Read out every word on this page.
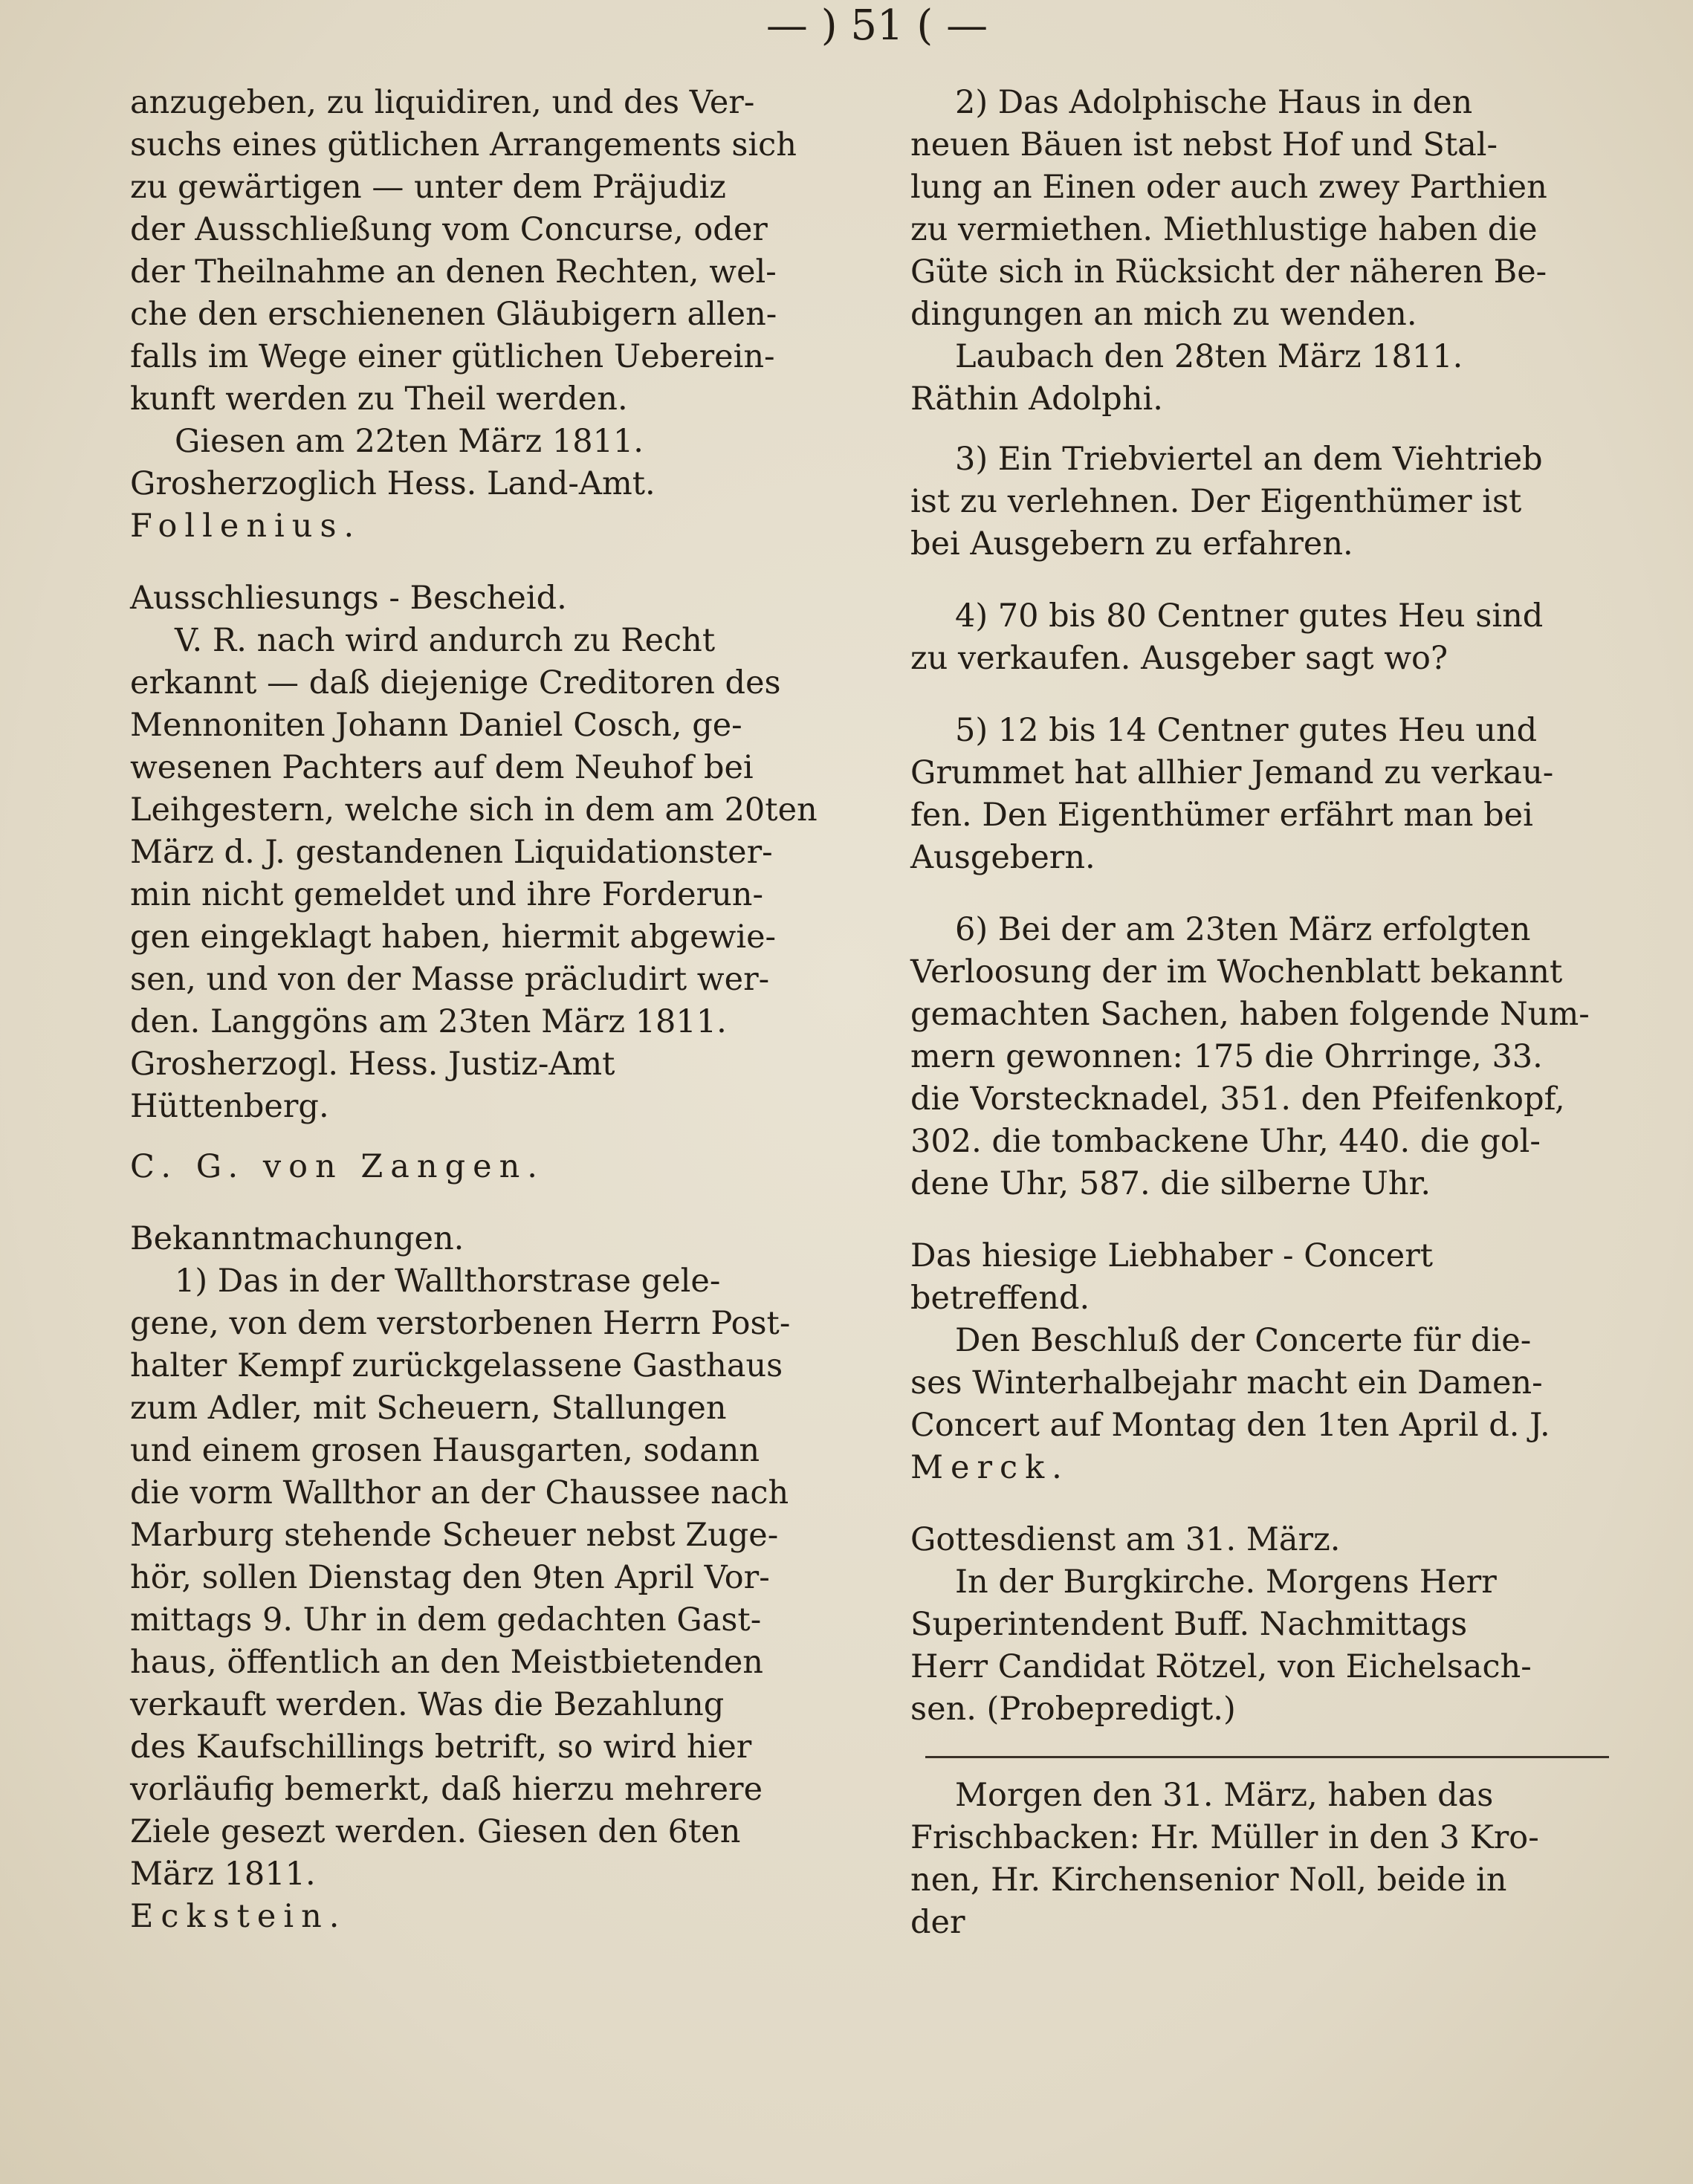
— ) 51 ( —

anzugeben, zu liquidiren, und des Ver-
suchs eines gütlichen Arrangements sich
zu gewärtigen — unter dem Präjudiz
der Ausschließung vom Concurse, oder
der Theilnahme an denen Rechten, wel-
che den erschienenen Gläubigern allen-
falls im Wege einer gütlichen Ueberein-
kunft werden zu Theil werden.
Giesen am 22ten März 1811.

Grosherzoglich Hess. Land-Amt.

Follenius.

Ausschliesungs - Bescheid.

V. R. nach wird andurch zu Recht
erkannt — daß diejenige Creditoren des
Mennoniten Johann Daniel Cosch, ge-
wesenen Pachters auf dem Neuhof bei
Leihgestern, welche sich in dem am 20ten
März d. J. gestandenen Liquidationster-
min nicht gemeldet und ihre Forderun-
gen eingeklagt haben, hiermit abgewie-
sen, und von der Masse präcludirt wer-
den. Langgöns am 23ten März 1811.

Grosherzogl. Hess. Justiz-Amt

Hüttenberg.

C. G. von Zangen.

Bekanntmachungen.

1) Das in der Wallthorstrase gele-
gene, von dem verstorbenen Herrn Post-
halter Kempf zurückgelassene Gasthaus
zum Adler, mit Scheuern, Stallungen
und einem grosen Hausgarten, sodann
die vorm Wallthor an der Chaussee nach
Marburg stehende Scheuer nebst Zuge-
hör, sollen Dienstag den 9ten April Vor-
mittags 9. Uhr in dem gedachten Gast-
haus, öffentlich an den Meistbietenden
verkauft werden. Was die Bezahlung
des Kaufschillings betrift, so wird hier
vorläufig bemerkt, daß hierzu mehrere
Ziele gesezt werden. Giesen den 6ten
März 1811.

Eckstein.

2) Das Adolphische Haus in den
neuen Bäuen ist nebst Hof und Stal-
lung an Einen oder auch zwey Parthien
zu vermiethen. Miethlustige haben die
Güte sich in Rücksicht der näheren Be-
dingungen an mich zu wenden.
Laubach den 28ten März 1811.

Räthin Adolphi.

3) Ein Triebviertel an dem Viehtrieb
ist zu verlehnen. Der Eigenthümer ist
bei Ausgebern zu erfahren.

4) 70 bis 80 Centner gutes Heu sind
zu verkaufen. Ausgeber sagt wo?

5) 12 bis 14 Centner gutes Heu und
Grummet hat allhier Jemand zu verkau-
fen. Den Eigenthümer erfährt man bei
Ausgebern.

6) Bei der am 23ten März erfolgten
Verloosung der im Wochenblatt bekannt
gemachten Sachen, haben folgende Num-
mern gewonnen: 175 die Ohrringe, 33.
die Vorstecknadel, 351. den Pfeifenkopf,
302. die tombackene Uhr, 440. die gol-
dene Uhr, 587. die silberne Uhr.

Das hiesige Liebhaber - Concert

betreffend.

Den Beschluß der Concerte für die-
ses Winterhalbejahr macht ein Damen-
Concert auf Montag den 1ten April d. J.

Merck.

Gottesdienst am 31. März.

In der Burgkirche. Morgens Herr
Superintendent Buff. Nachmittags
Herr Candidat Rötzel, von Eichelsach-
sen. (Probepredigt.)

Morgen den 31. März, haben das
Frischbacken: Hr. Müller in den 3 Kro-
nen, Hr. Kirchensenior Noll, beide in

der
